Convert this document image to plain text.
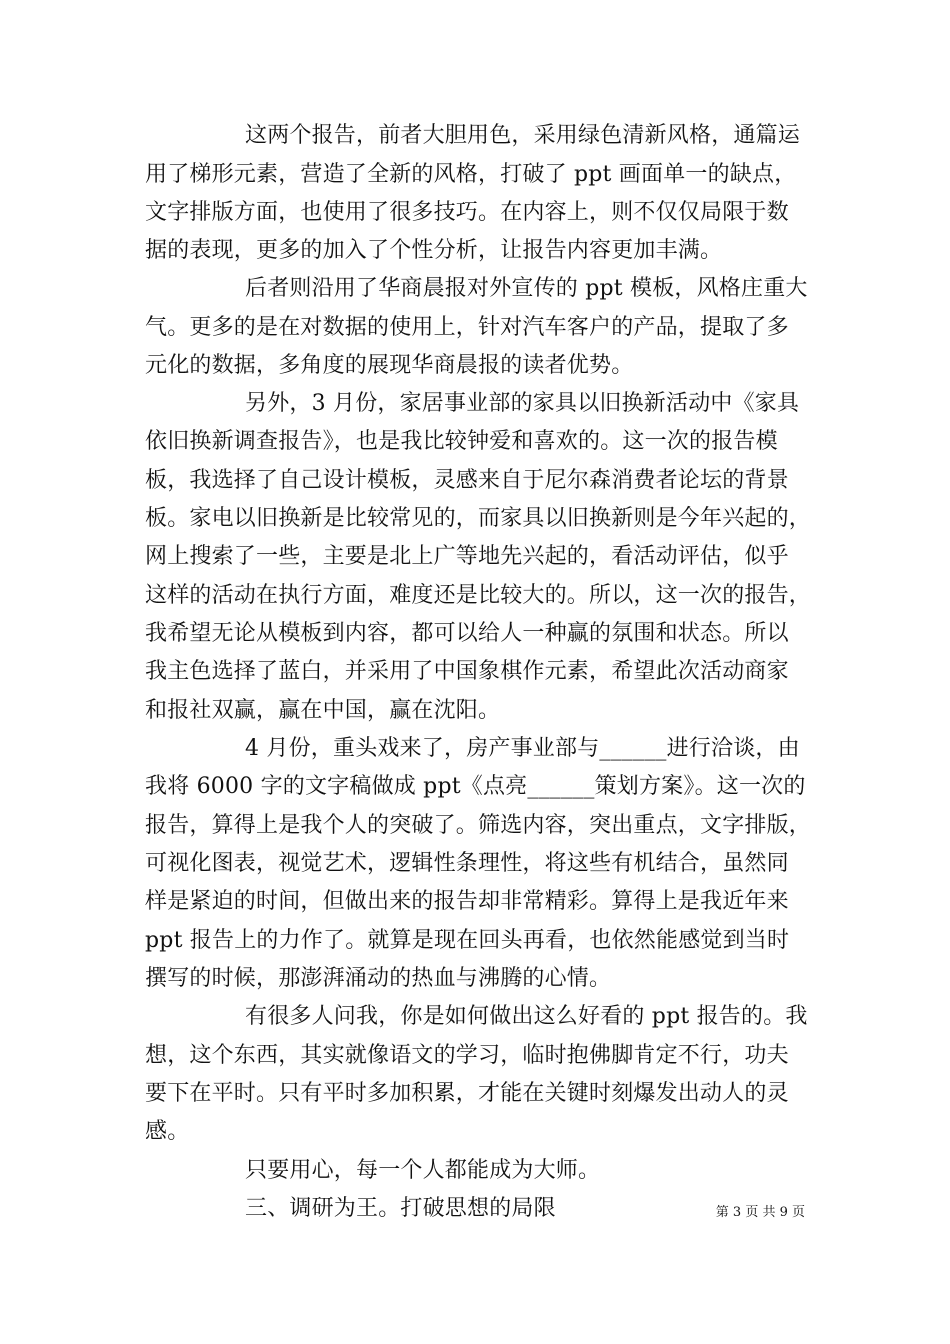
这两个报告，前者大胆用色，采用绿色清新风格，通篇运
用了梯形元素，营造了全新的风格，打破了 ppt 画面单一的缺点，
文字排版方面，也使用了很多技巧。在内容上，则不仅仅局限于数
据的表现，更多的加入了个性分析，让报告内容更加丰满。
后者则沿用了华商晨报对外宣传的 ppt 模板，风格庄重大
气。更多的是在对数据的使用上，针对汽车客户的产品，提取了多
元化的数据，多角度的展现华商晨报的读者优势。
另外，3 月份，家居事业部的家具以旧换新活动中《家具
依旧换新调查报告》，也是我比较钟爱和喜欢的。这一次的报告模
板，我选择了自己设计模板，灵感来自于尼尔森消费者论坛的背景
板。家电以旧换新是比较常见的，而家具以旧换新则是今年兴起的，
网上搜索了一些，主要是北上广等地先兴起的，看活动评估，似乎
这样的活动在执行方面，难度还是比较大的。所以，这一次的报告，
我希望无论从模板到内容，都可以给人一种赢的氛围和状态。所以
我主色选择了蓝白，并采用了中国象棋作元素，希望此次活动商家
和报社双赢，赢在中国，赢在沈阳。
4 月份，重头戏来了，房产事业部与______进行洽谈，由
我将 6000 字的文字稿做成 ppt《点亮______策划方案》。这一次的
报告，算得上是我个人的突破了。筛选内容，突出重点，文字排版，
可视化图表，视觉艺术，逻辑性条理性，将这些有机结合，虽然同
样是紧迫的时间，但做出来的报告却非常精彩。算得上是我近年来
ppt 报告上的力作了。就算是现在回头再看，也依然能感觉到当时
撰写的时候，那澎湃涌动的热血与沸腾的心情。
有很多人问我，你是如何做出这么好看的 ppt 报告的。我
想，这个东西，其实就像语文的学习，临时抱佛脚肯定不行，功夫
要下在平时。只有平时多加积累，才能在关键时刻爆发出动人的灵
感。
只要用心，每一个人都能成为大师。
三、调研为王。打破思想的局限	第 3 页 共 9 页
